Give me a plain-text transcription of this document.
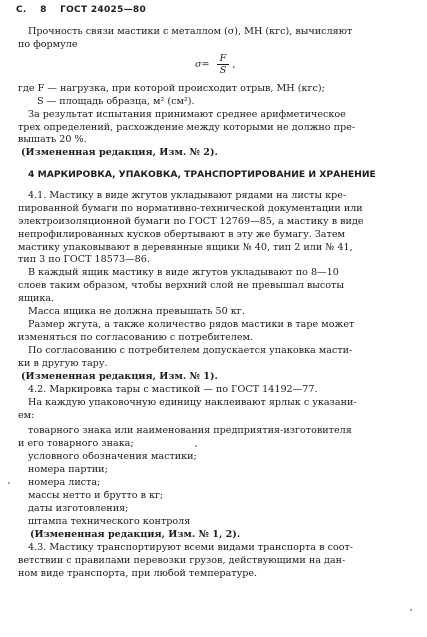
С. 8 ГОСТ 24025—80
Прочность связи мастики с металлом (σ), МН (кгс), вычисляют
по формуле
$\sigma= \frac{F}{S}$ ,
где F — нагрузка, при которой происходит отрыв, МН (кгс);
S — площадь образца, м² (см²).
За результат испытания принимают среднее арифметическое
трех определений, расхождение между которыми не должно пре-
вышать 20 %.
(Измененная редакция, Изм. № 2).
4 МАРКИРОВКА, УПАКОВКА, ТРАНСПОРТИРОВАНИЕ И ХРАНЕНИЕ
4.1. Мастику в виде жгутов укладывают рядами на листы кре-
пированной бумаги по нормативно-технической документации или
электроизоляционной бумаги по ГОСТ 12769—85, а мастику в виде
непрофилированных кусков обертывают в эту же бумагу. Затем
мастику упаковывают в деревянные ящики № 40, тип 2 или № 41,
тип 3 по ГОСТ 18573—86.
В каждый ящик мастику в виде жгутов укладывают по 8—10
слоев таким образом, чтобы верхний слой не превышал высоты
ящика.
Масса ящика не должна превышать 50 кг.
Размер жгута, а также количество рядов мастики в таре может
изменяться по согласованию с потребителем.
По согласованию с потребителем допускается упаковка масти-
ки в другую тару.
(Измененная редакция, Изм. № 1).
4.2. Маркировка тары с мастикой — по ГОСТ 14192—77.
На каждую упаковочную единицу наклеивают ярлык с указани-
ем:
товарного знака или наименования предприятия-изготовителя
и его товарного знака;
условного обозначения мастики;
номера партии;
номера листа;
массы нетто и брутто в кг;
даты изготовления;
штампа технического контроля
(Измененная редакция, Изм. № 1, 2).
4.3. Мастику транспортируют всеми видами транспорта в соот-
ветствии с правилами перевозки грузов, действующими на дан-
ном виде транспорта, при любой температуре.
